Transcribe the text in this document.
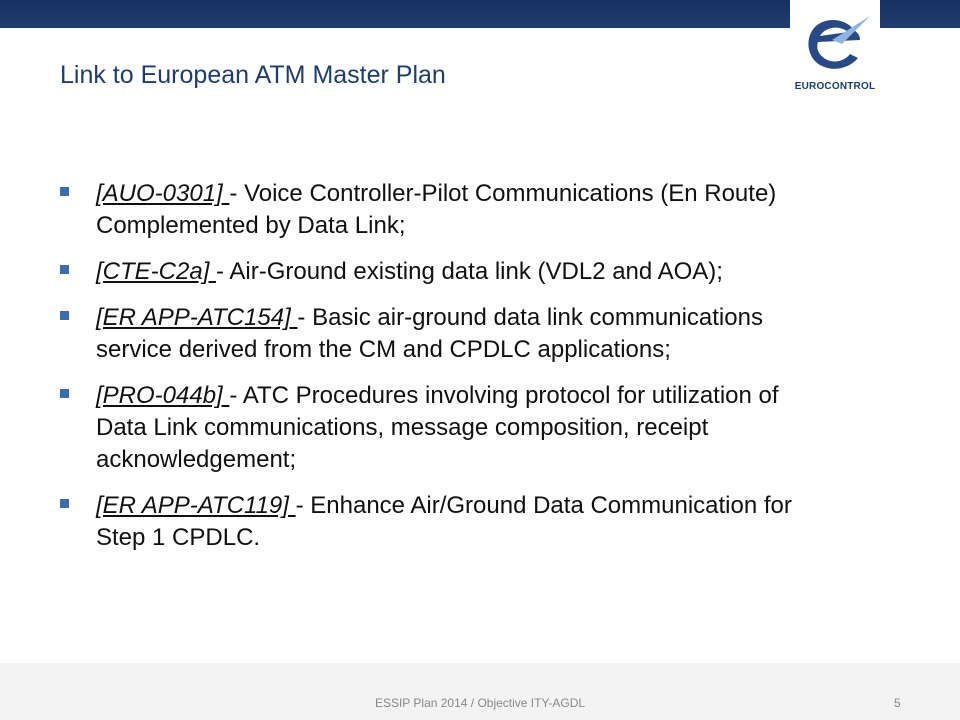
EUROCONTROL
Link to European ATM Master Plan
[AUO-0301] - Voice Controller-Pilot Communications (En Route) Complemented by Data Link;
[CTE-C2a] - Air-Ground existing data link (VDL2 and AOA);
[ER APP-ATC154] - Basic air-ground data link communications service derived from the CM and CPDLC applications;
[PRO-044b] - ATC Procedures involving protocol for utilization of Data Link communications, message composition, receipt acknowledgement;
[ER APP-ATC119] - Enhance Air/Ground Data Communication for Step 1 CPDLC.
ESSIP Plan 2014 / Objective ITY-AGDL	5
